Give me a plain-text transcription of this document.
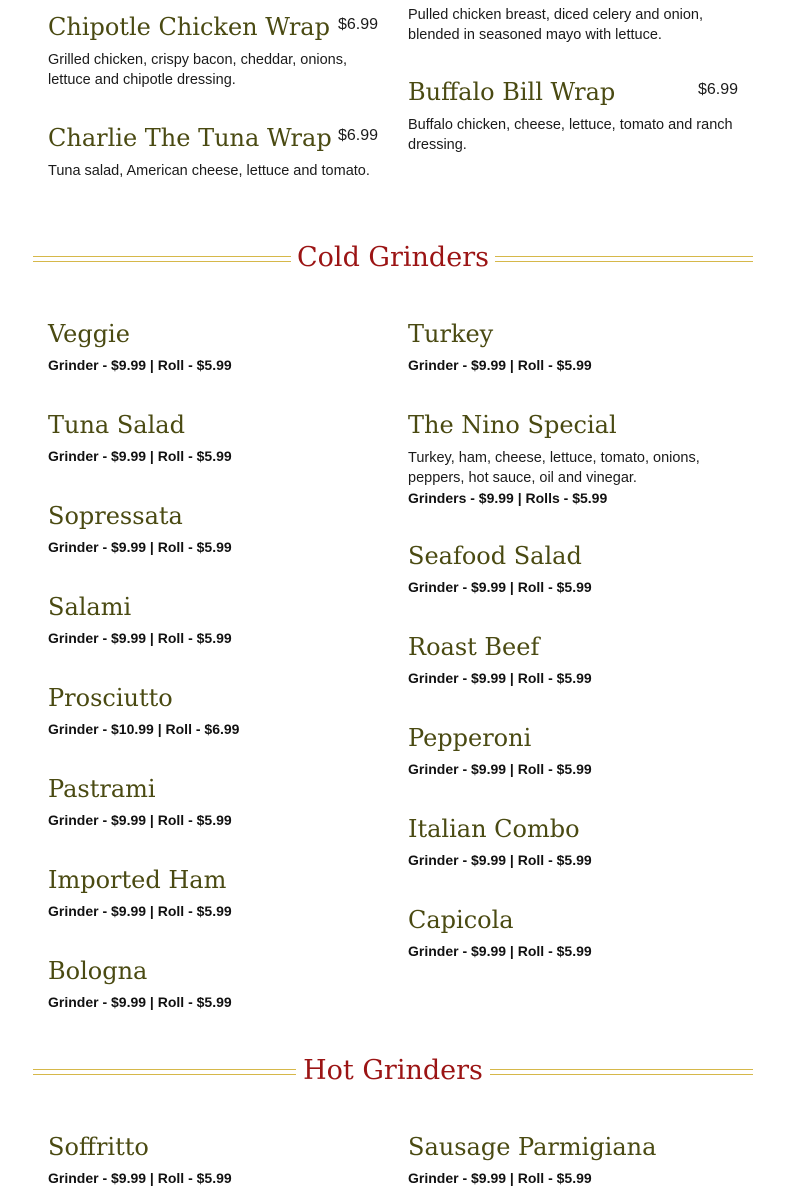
Chipotle Chicken Wrap $6.99
Grilled chicken, crispy bacon, cheddar, onions, lettuce and chipotle dressing.
Charlie The Tuna Wrap $6.99
Tuna salad, American cheese, lettuce and tomato.
Pulled chicken breast, diced celery and onion, blended in seasoned mayo with lettuce.
Buffalo Bill Wrap	$6.99
Buffalo chicken, cheese, lettuce, tomato and ranch dressing.
Cold Grinders
Veggie
Grinder - $9.99 | Roll - $5.99
Tuna Salad
Grinder - $9.99 | Roll - $5.99
Sopressata
Grinder - $9.99 | Roll - $5.99
Salami
Grinder - $9.99 | Roll - $5.99
Prosciutto
Grinder - $10.99 | Roll - $6.99
Pastrami
Grinder - $9.99 | Roll - $5.99
Imported Ham
Grinder - $9.99 | Roll - $5.99
Bologna
Grinder - $9.99 | Roll - $5.99
Turkey
Grinder - $9.99 | Roll - $5.99
The Nino Special
Turkey, ham, cheese, lettuce, tomato, onions, peppers, hot sauce, oil and vinegar.
Grinders - $9.99 | Rolls - $5.99
Seafood Salad
Grinder - $9.99 | Roll - $5.99
Roast Beef
Grinder - $9.99 | Roll - $5.99
Pepperoni
Grinder - $9.99 | Roll - $5.99
Italian Combo
Grinder - $9.99 | Roll - $5.99
Capicola
Grinder - $9.99 | Roll - $5.99
Hot Grinders
Soffritto
Grinder - $9.99 | Roll - $5.99
Sausage Parmigiana
Grinder - $9.99 | Roll - $5.99
